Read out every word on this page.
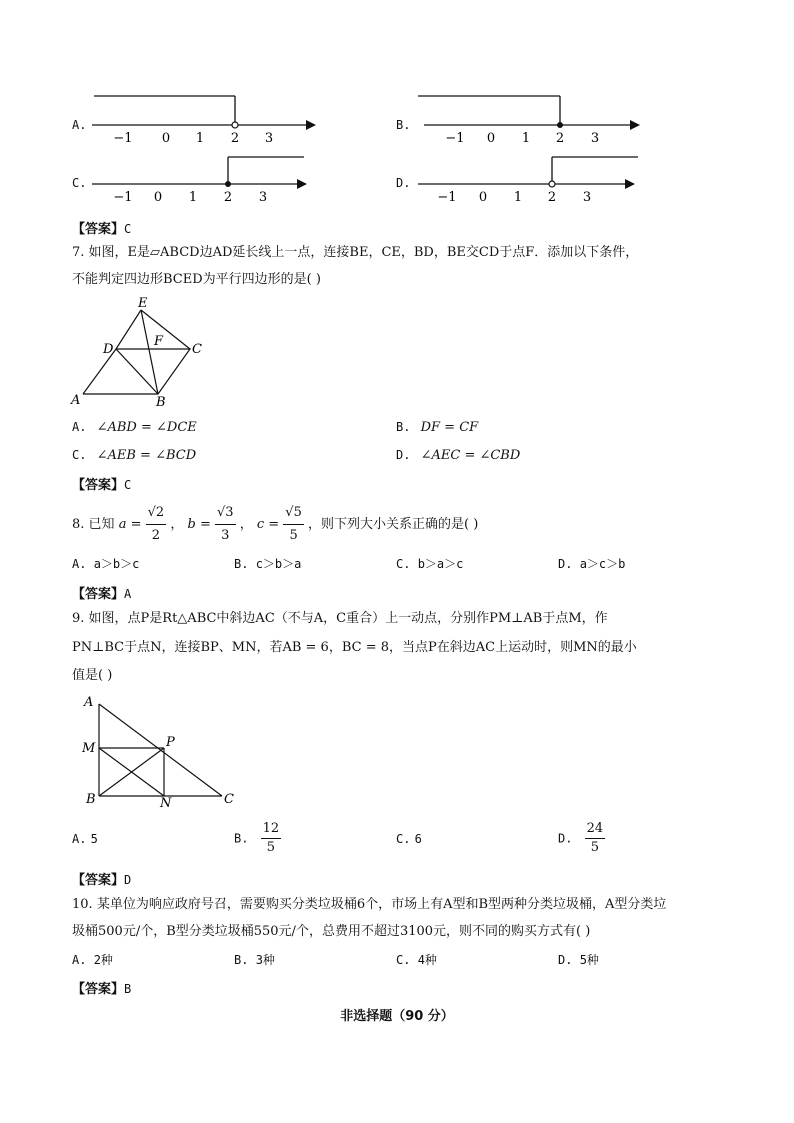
A.
−1 0 1 2 3
B.
−1 0 1 2 3
C.
−1 0 1 2 3
D.
−1 0 1 2 3
【答案】C
7. 如图，E是▱ABCD边AD延长线上一点，连接BE，CE，BD，BE交CD于点F．添加以下条件，
不能判定四边形BCED为平行四边形的是( )
E
D
F
C
A	B
A. ∠ABD = ∠DCE	B. DF = CF
C. ∠AEB = ∠BCD	D. ∠AEC = ∠CBD
【答案】C
8. 已知 $a = \frac{√2}{2}$ ， $b = \frac{√3}{3}$ ， $c = \frac{√5}{5}$ ，则下列大小关系正确的是( )
A. a＞b＞c	B. c＞b＞a	C. b＞a＞c	D. a＞c＞b
【答案】A
9. 如图，点P是Rt△ABC中斜边AC（不与A，C重合）上一动点，分别作PM⊥AB于点M，作
PN⊥BC于点N，连接BP、MN，若AB = 6，BC = 8，当点P在斜边AC上运动时，则MN的最小
值是( )
A
M	P
B	N	C
A. 5	B. $\frac{12}{5}$	C. 6	D. $\frac{24}{5}$
【答案】D
10. 某单位为响应政府号召，需要购买分类垃圾桶6个，市场上有A型和B型两种分类垃圾桶，A型分类垃
圾桶500元/个，B型分类垃圾桶550元/个，总费用不超过3100元，则不同的购买方式有( )
A. 2种	B. 3种	C. 4种	D. 5种
【答案】B
非选择题（90 分）
